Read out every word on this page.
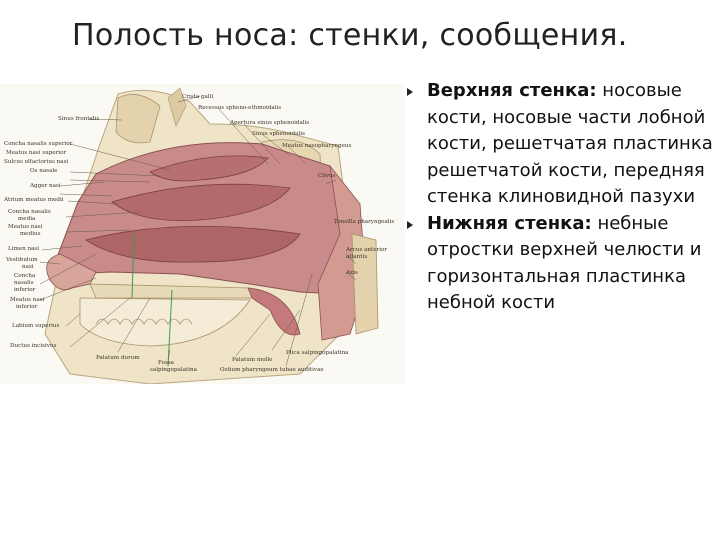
Полость носа: стенки, сообщения.
Crista galli
Recessus spheno-ethmoidalis
Sinus frontalis
Apertura sinus sphenoidalis
Sinus sphenoidalis
Meatus nasopharyngeus
Concha nasalis superior
Meatus nasi superior
Sulcus olfactorius nasi
Os nasale
Agger nasi
Atrium meatus medii
Concha nasalis
media
Meatus nasi
medius
Clivus
Tonsilla pharyngealis
Limen nasi
Vestibulum
nasi
Concha
nasalis
inferior
Meatus nasi
inferior
Arcus anterior
atlantis
Axis
Labium superius
Ductus incisivus
Palatum durum
Plica salpingopalatina
Palatum molle
Fossa
salpingopalatina	Ostium pharyngeum tubae auditivae
Верхняя стенка: носовые кости, носовые части лобной кости, решетчатая пластинка решетчатой кости, передняя стенка клиновидной пазухи
Нижняя стенка: небные отростки верхней челюсти и горизонтальная пластинка небной кости
